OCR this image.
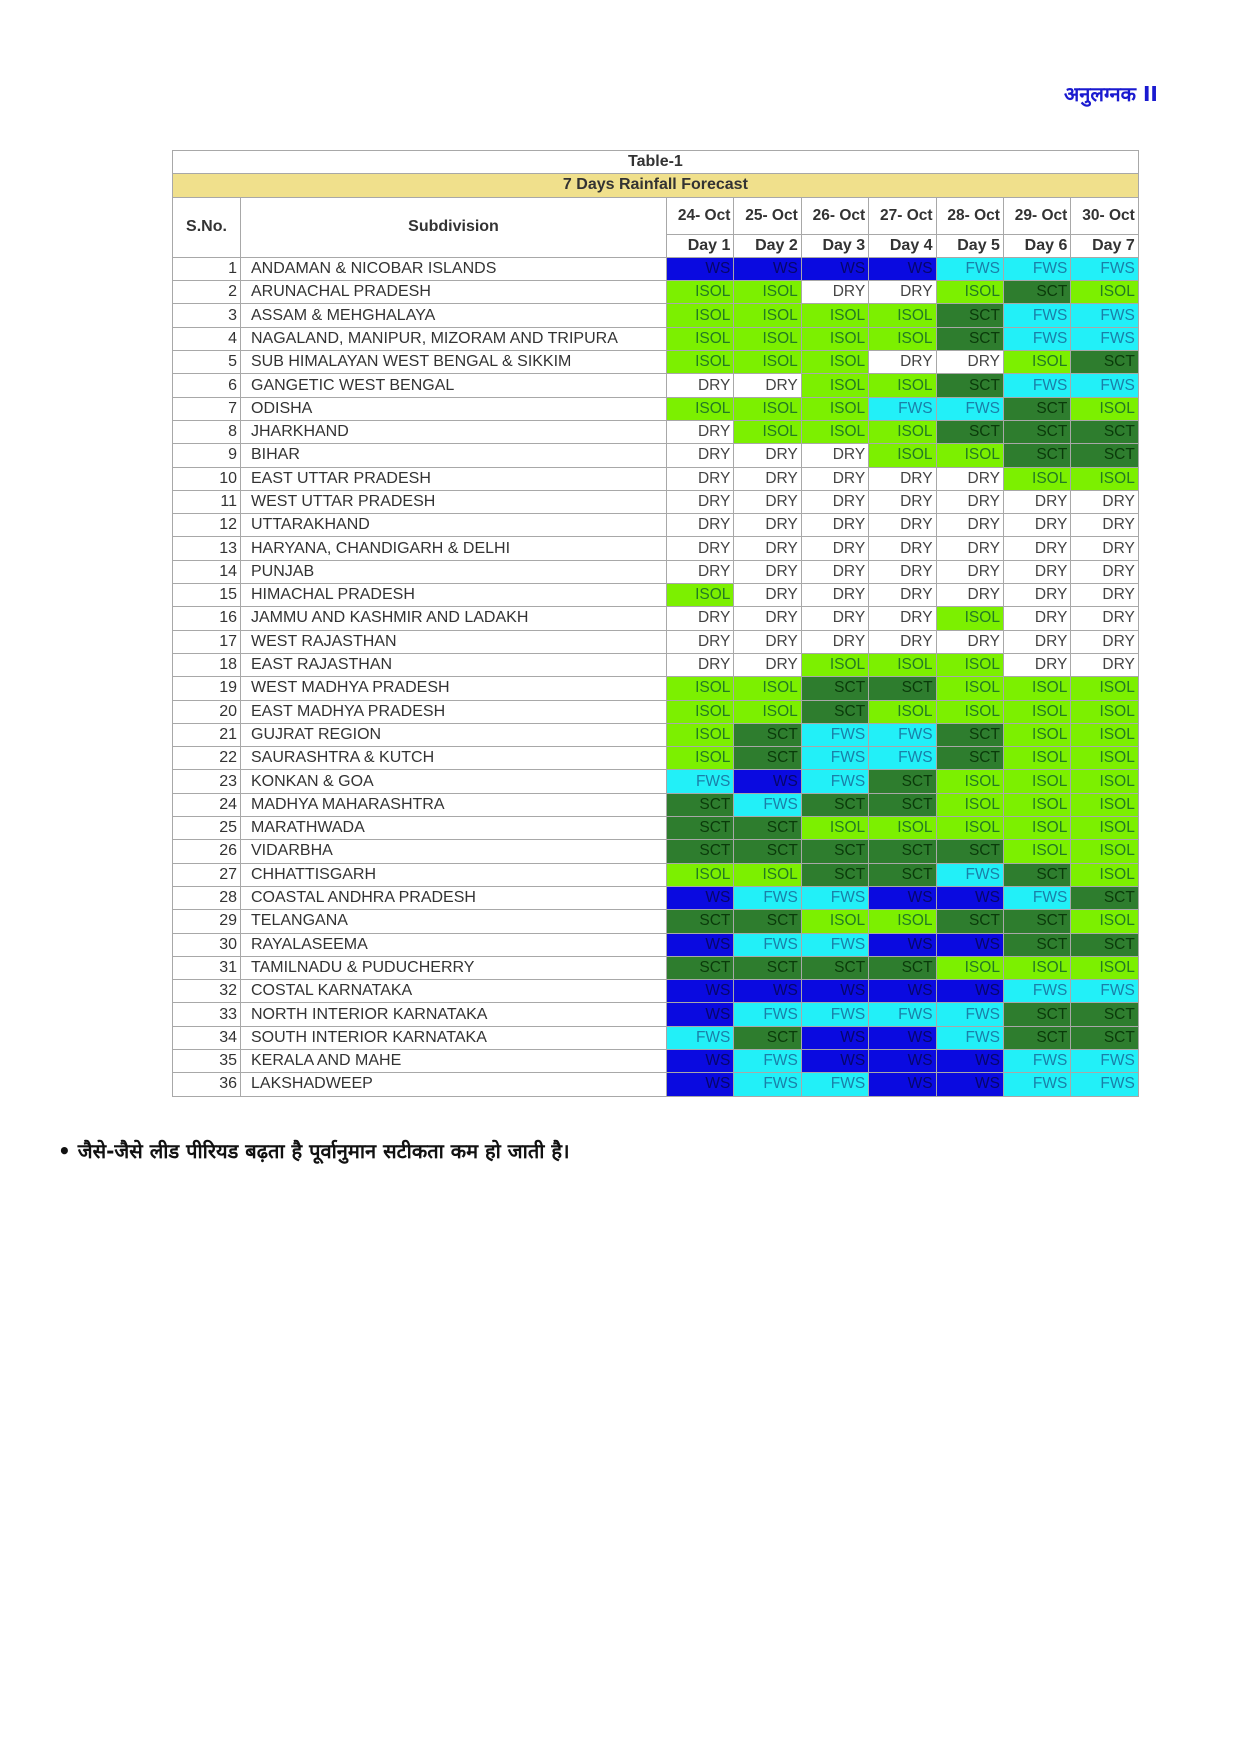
अनुलग्नक II
Table-1								
7 Days Rainfall Forecast								
S.No.	Subdivision	24- Oct	25- Oct	26- Oct	27- Oct	28- Oct	29- Oct	30- Oct
		Day 1	Day 2	Day 3	Day 4	Day 5	Day 6	Day 7
1	ANDAMAN & NICOBAR ISLANDS	WS	WS	WS	WS	FWS	FWS	FWS
2	ARUNACHAL PRADESH	ISOL	ISOL	DRY	DRY	ISOL	SCT	ISOL
3	ASSAM & MEHGHALAYA	ISOL	ISOL	ISOL	ISOL	SCT	FWS	FWS
4	NAGALAND, MANIPUR, MIZORAM AND TRIPURA	ISOL	ISOL	ISOL	ISOL	SCT	FWS	FWS
5	SUB HIMALAYAN WEST BENGAL & SIKKIM	ISOL	ISOL	ISOL	DRY	DRY	ISOL	SCT
6	GANGETIC WEST BENGAL	DRY	DRY	ISOL	ISOL	SCT	FWS	FWS
7	ODISHA	ISOL	ISOL	ISOL	FWS	FWS	SCT	ISOL
8	JHARKHAND	DRY	ISOL	ISOL	ISOL	SCT	SCT	SCT
9	BIHAR	DRY	DRY	DRY	ISOL	ISOL	SCT	SCT
10	EAST UTTAR PRADESH	DRY	DRY	DRY	DRY	DRY	ISOL	ISOL
11	WEST UTTAR PRADESH	DRY	DRY	DRY	DRY	DRY	DRY	DRY
12	UTTARAKHAND	DRY	DRY	DRY	DRY	DRY	DRY	DRY
13	HARYANA, CHANDIGARH & DELHI	DRY	DRY	DRY	DRY	DRY	DRY	DRY
14	PUNJAB	DRY	DRY	DRY	DRY	DRY	DRY	DRY
15	HIMACHAL PRADESH	ISOL	DRY	DRY	DRY	DRY	DRY	DRY
16	JAMMU AND KASHMIR AND LADAKH	DRY	DRY	DRY	DRY	ISOL	DRY	DRY
17	WEST RAJASTHAN	DRY	DRY	DRY	DRY	DRY	DRY	DRY
18	EAST RAJASTHAN	DRY	DRY	ISOL	ISOL	ISOL	DRY	DRY
19	WEST MADHYA PRADESH	ISOL	ISOL	SCT	SCT	ISOL	ISOL	ISOL
20	EAST MADHYA PRADESH	ISOL	ISOL	SCT	ISOL	ISOL	ISOL	ISOL
21	GUJRAT REGION	ISOL	SCT	FWS	FWS	SCT	ISOL	ISOL
22	SAURASHTRA & KUTCH	ISOL	SCT	FWS	FWS	SCT	ISOL	ISOL
23	KONKAN & GOA	FWS	WS	FWS	SCT	ISOL	ISOL	ISOL
24	MADHYA MAHARASHTRA	SCT	FWS	SCT	SCT	ISOL	ISOL	ISOL
25	MARATHWADA	SCT	SCT	ISOL	ISOL	ISOL	ISOL	ISOL
26	VIDARBHA	SCT	SCT	SCT	SCT	SCT	ISOL	ISOL
27	CHHATTISGARH	ISOL	ISOL	SCT	SCT	FWS	SCT	ISOL
28	COASTAL ANDHRA PRADESH	WS	FWS	FWS	WS	WS	FWS	SCT
29	TELANGANA	SCT	SCT	ISOL	ISOL	SCT	SCT	ISOL
30	RAYALASEEMA	WS	FWS	FWS	WS	WS	SCT	SCT
31	TAMILNADU & PUDUCHERRY	SCT	SCT	SCT	SCT	ISOL	ISOL	ISOL
32	COSTAL KARNATAKA	WS	WS	WS	WS	WS	FWS	FWS
33	NORTH INTERIOR KARNATAKA	WS	FWS	FWS	FWS	FWS	SCT	SCT
34	SOUTH INTERIOR KARNATAKA	FWS	SCT	WS	WS	FWS	SCT	SCT
35	KERALA AND MAHE	WS	FWS	WS	WS	WS	FWS	FWS
36	LAKSHADWEEP	WS	FWS	FWS	WS	WS	FWS	FWS
• जैसे-जैसे लीड पीरियड बढ़ता है पूर्वानुमान सटीकता कम हो जाती है।
